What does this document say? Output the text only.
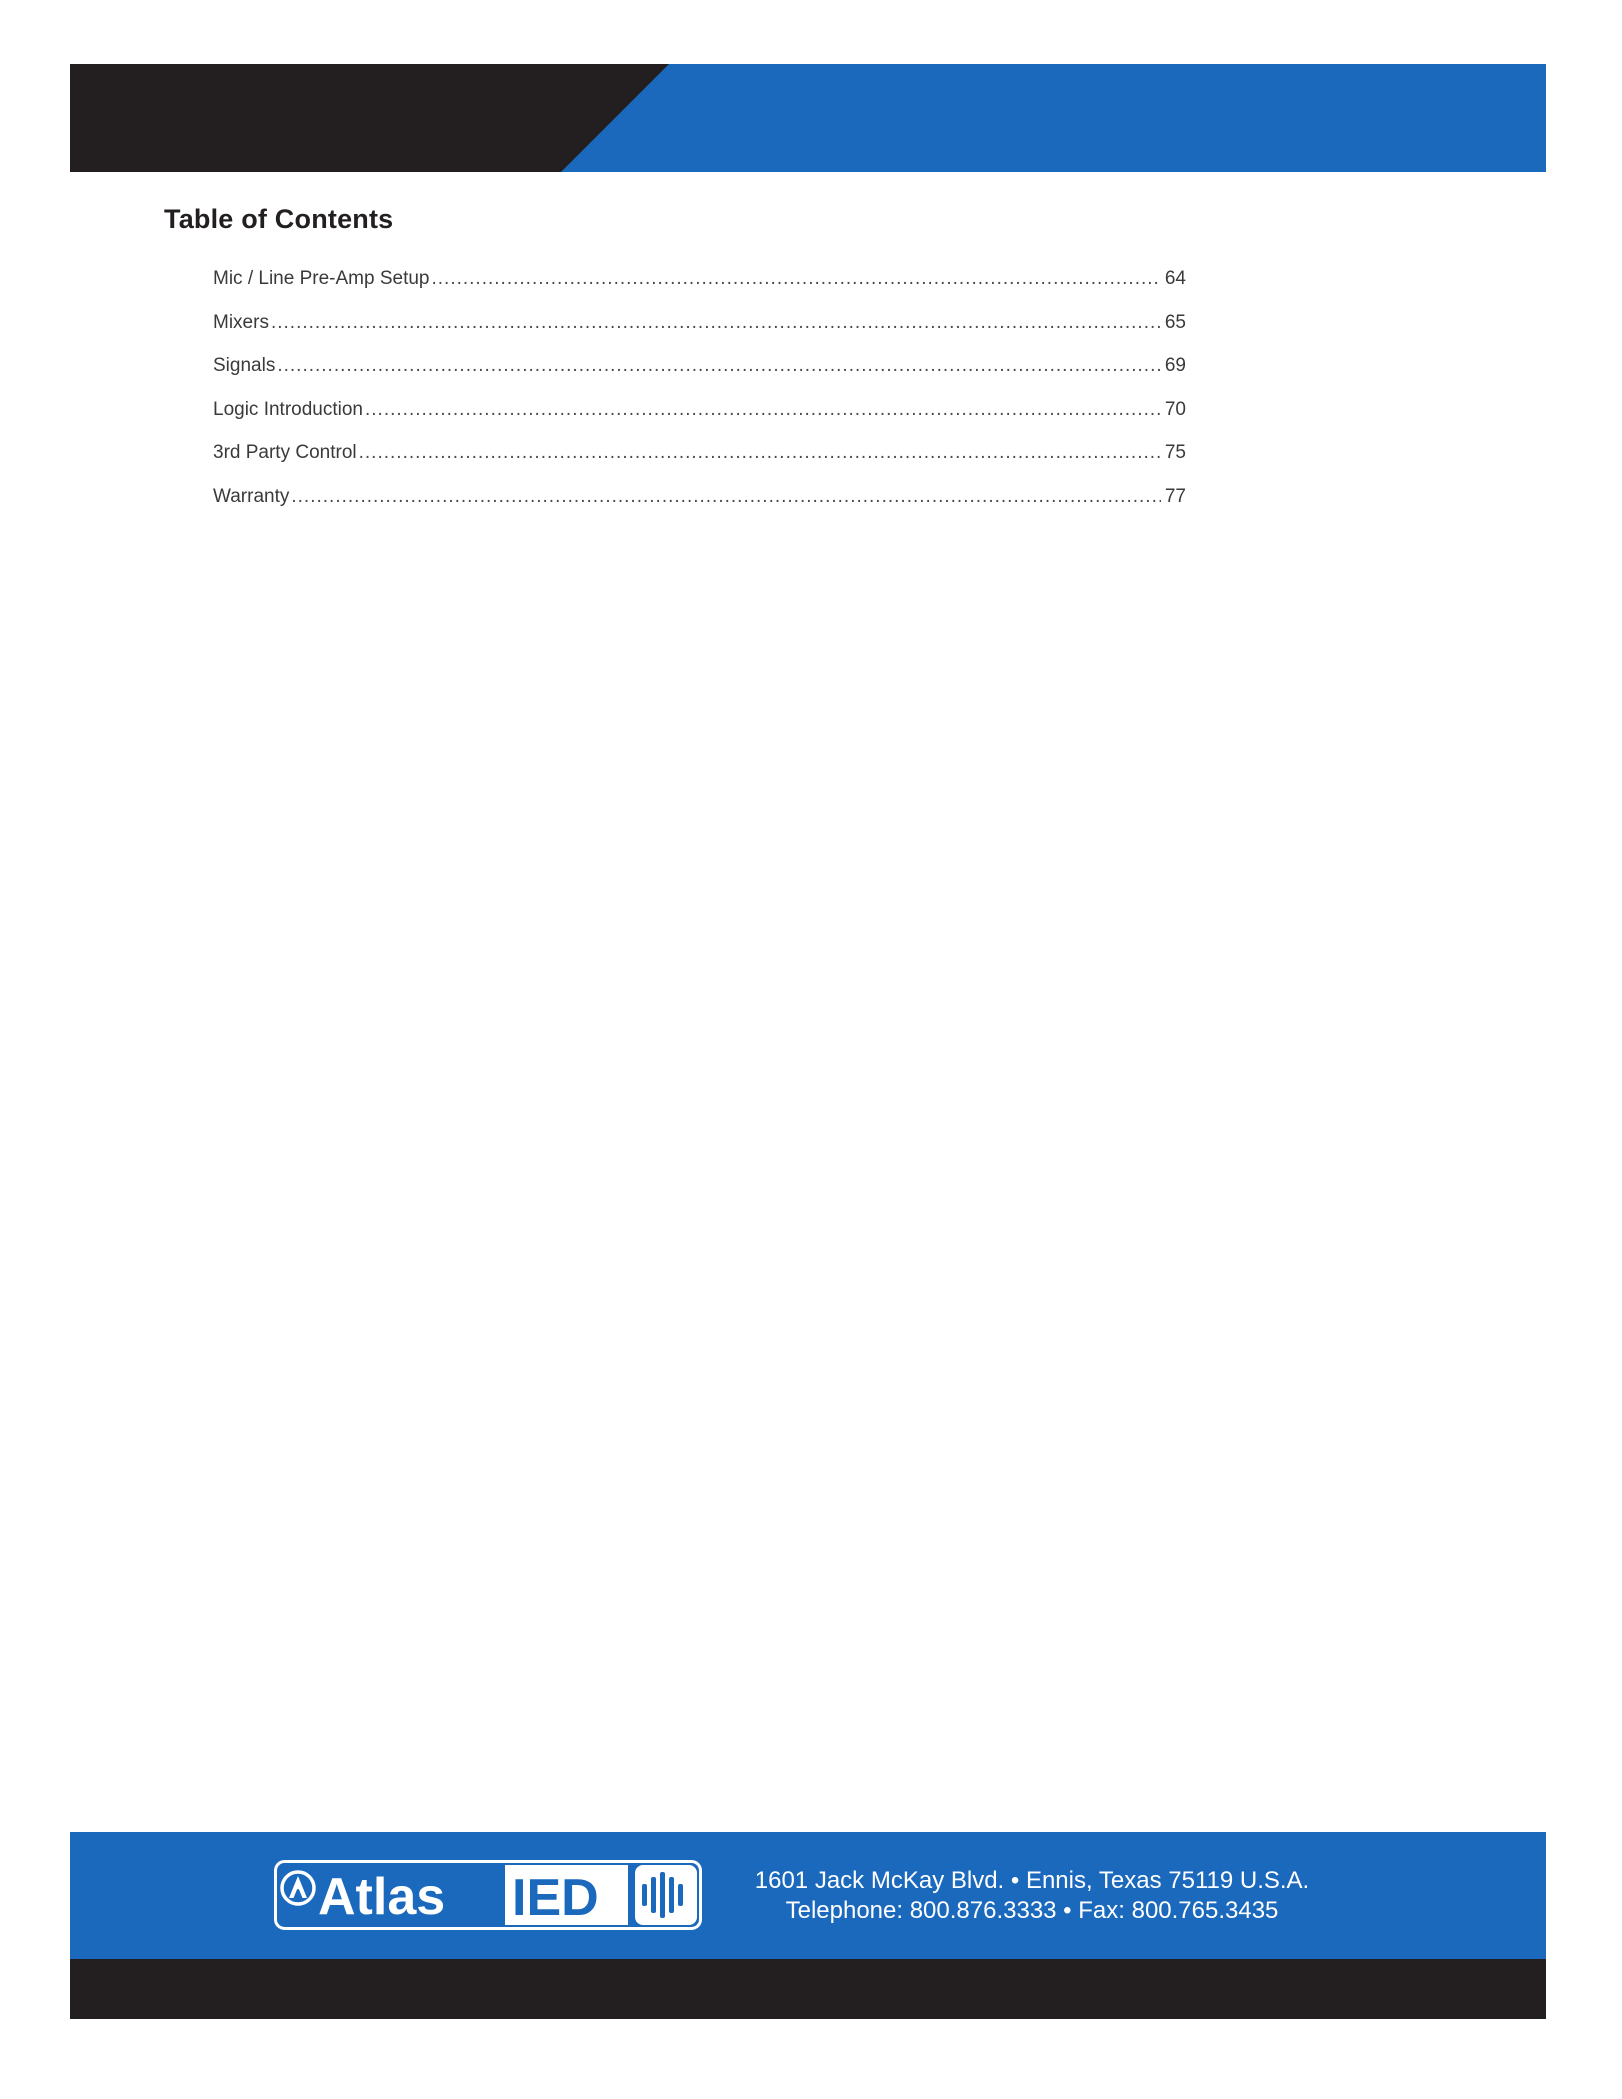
Table of Contents
Mic / Line Pre-Amp Setup .....	64
Mixers .....	65
Signals .....	69
Logic Introduction .....	70
3rd Party Control .....	75
Warranty .....	77
Atlas IED	1601 Jack McKay Blvd. • Ennis, Texas 75119 U.S.A.
Telephone: 800.876.3333 • Fax: 800.765.3435
